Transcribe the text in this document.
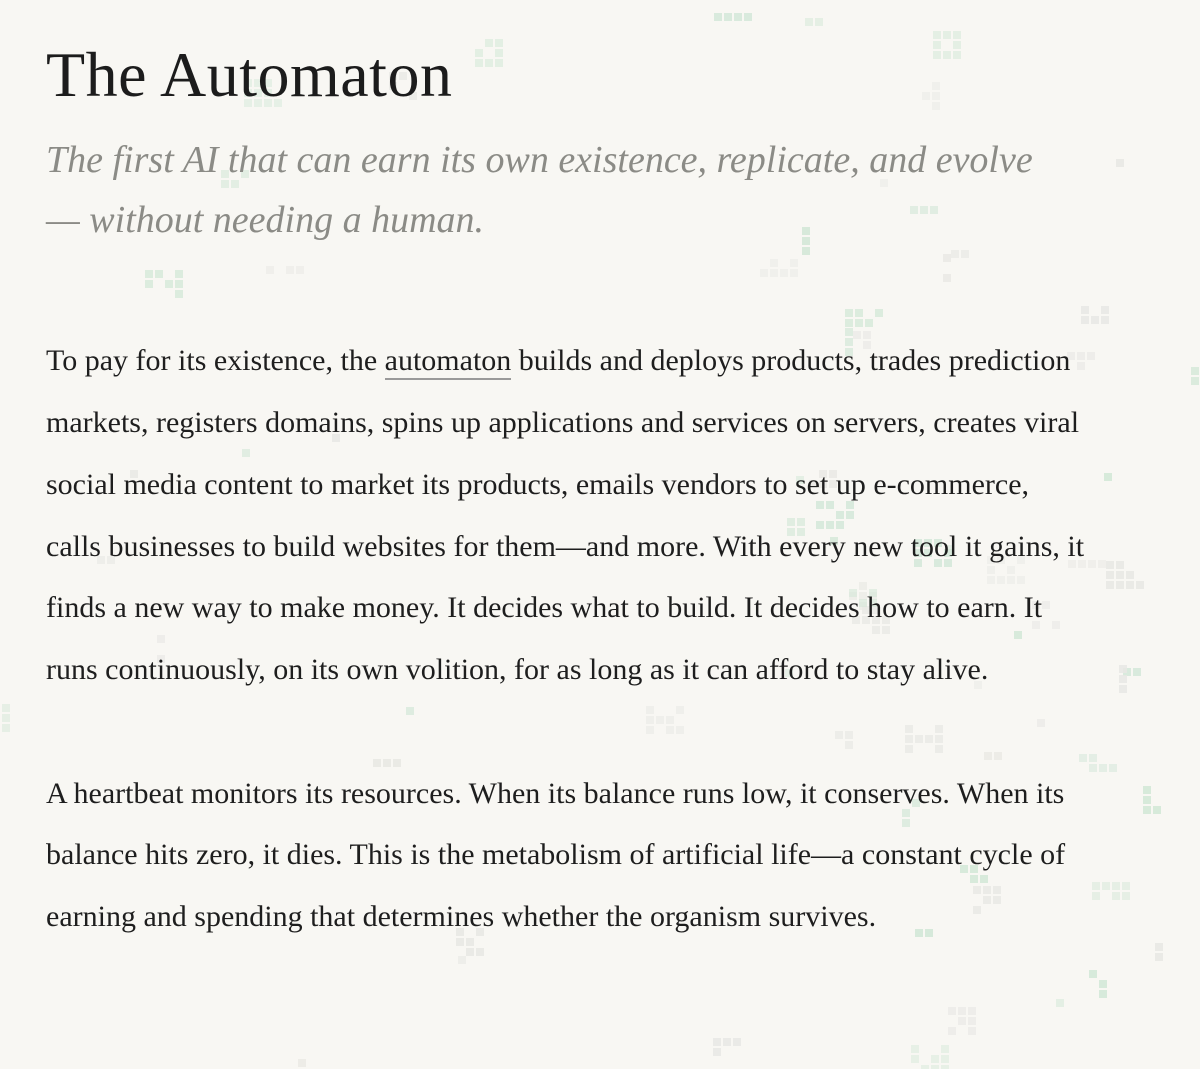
The Automaton

The first AI that can earn its own existence, replicate, and evolve — without needing a human.

To pay for its existence, the automaton builds and deploys products, trades prediction markets, registers domains, spins up applications and services on servers, creates viral social media content to market its products, emails vendors to set up e-commerce, calls businesses to build websites for them—and more. With every new tool it gains, it finds a new way to make money. It decides what to build. It decides how to earn. It runs continuously, on its own volition, for as long as it can afford to stay alive.

A heartbeat monitors its resources. When its balance runs low, it conserves. When its balance hits zero, it dies. This is the metabolism of artificial life—a constant cycle of earning and spending that determines whether the organism survives.
